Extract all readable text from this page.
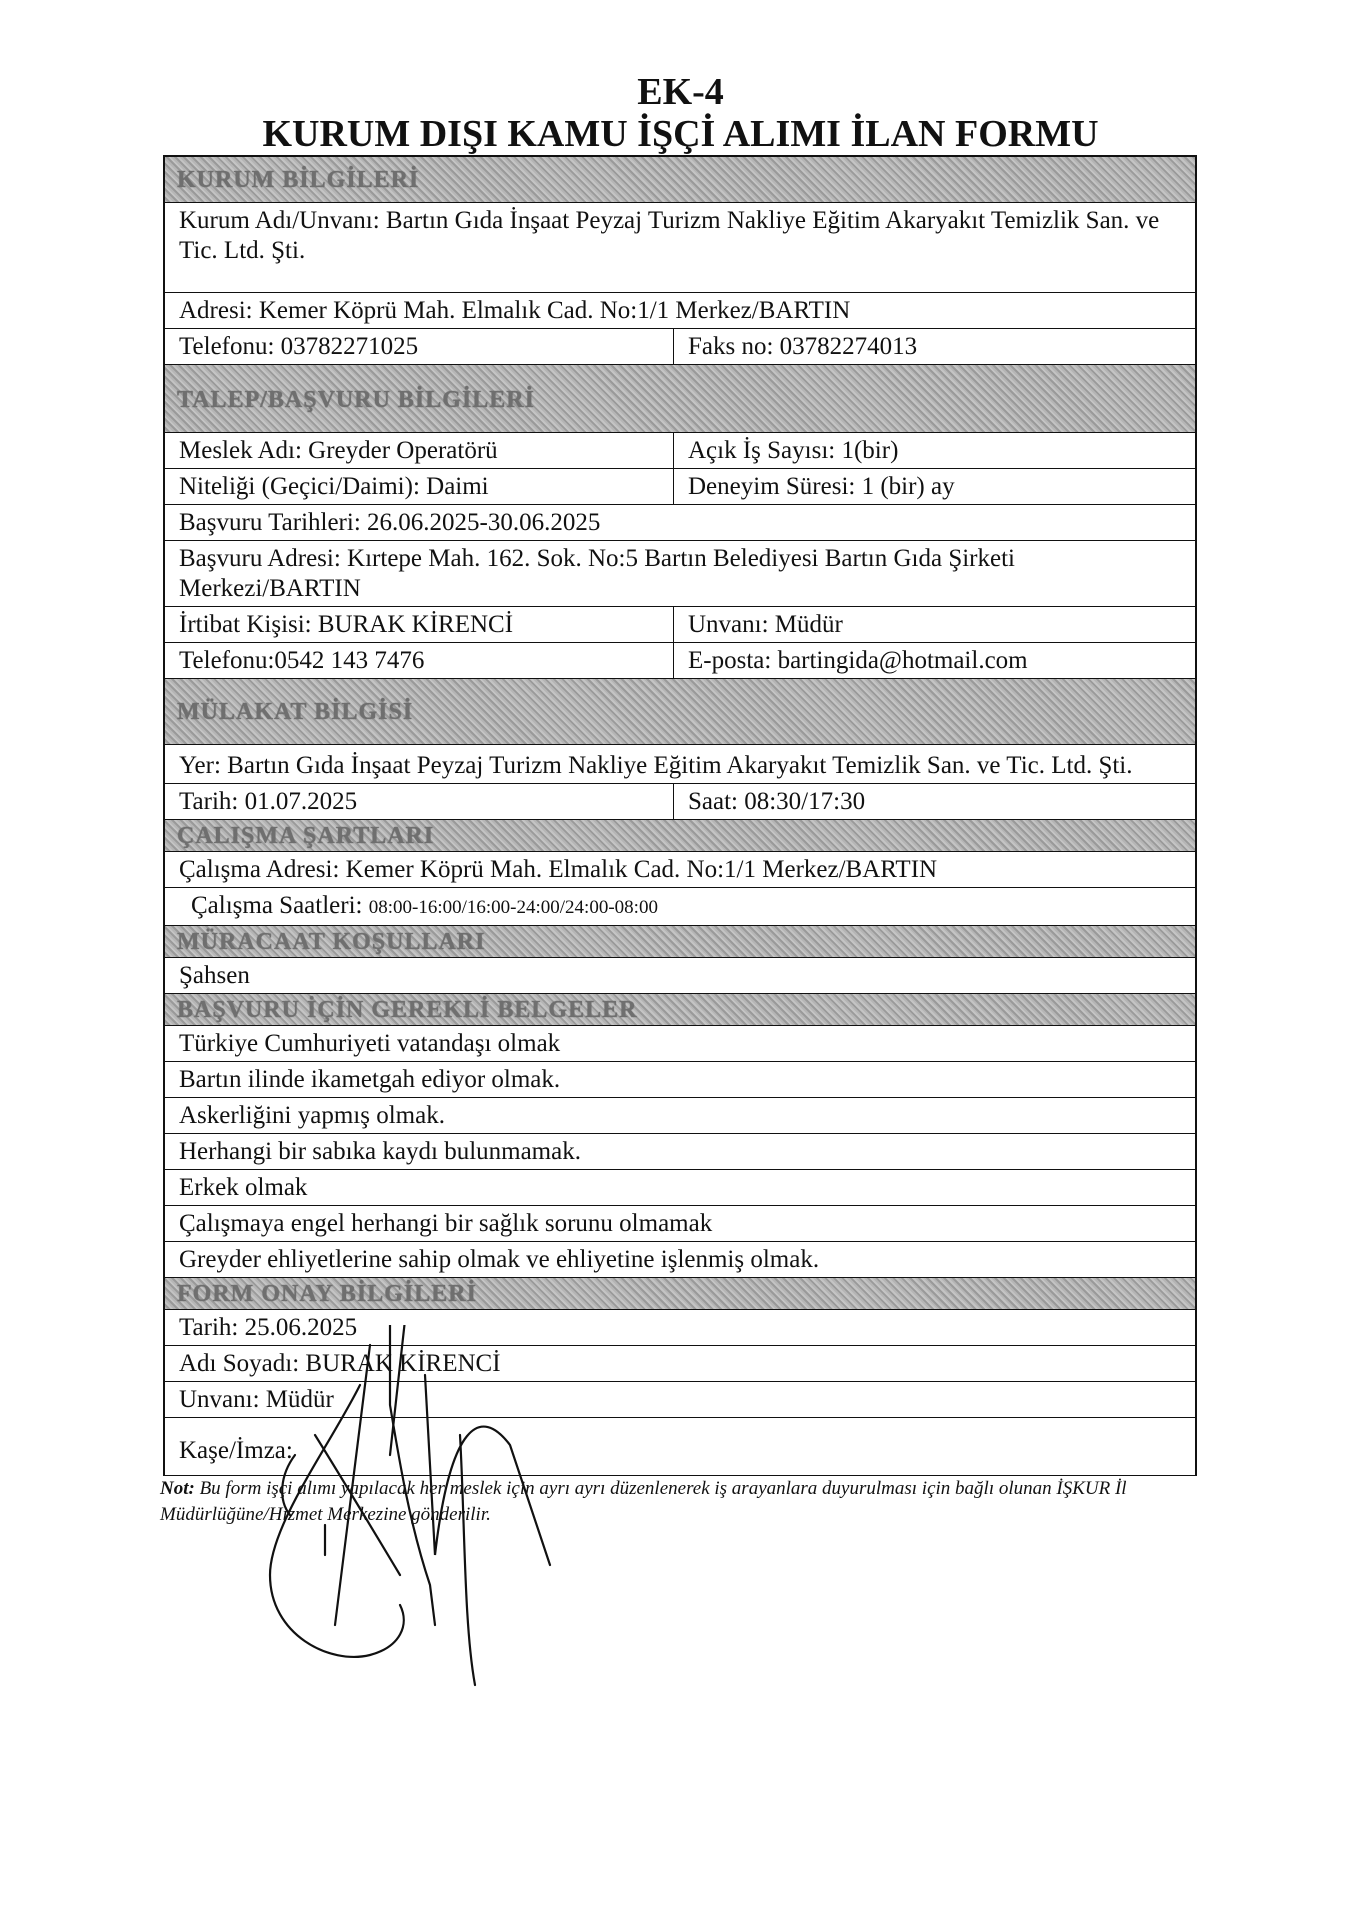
EK-4
KURUM DIŞI KAMU İŞÇİ ALIMI İLAN FORMU
KURUM BİLGİLERİ
Kurum Adı/Unvanı: Bartın Gıda İnşaat Peyzaj Turizm Nakliye Eğitim Akaryakıt Temizlik San. ve Tic. Ltd. Şti.
Adresi: Kemer Köprü Mah. Elmalık Cad. No:1/1 Merkez/BARTIN
Telefonu: 03782271025	Faks no: 03782274013
TALEP/BAŞVURU BİLGİLERİ
Meslek Adı: Greyder Operatörü	Açık İş Sayısı: 1(bir)
Niteliği (Geçici/Daimi): Daimi	Deneyim Süresi: 1 (bir) ay
Başvuru Tarihleri: 26.06.2025-30.06.2025
Başvuru Adresi: Kırtepe Mah. 162. Sok. No:5 Bartın Belediyesi Bartın Gıda Şirketi Merkezi/BARTIN
İrtibat Kişisi: BURAK KİRENCİ	Unvanı: Müdür
Telefonu:0542 143 7476	E-posta: bartingida@hotmail.com
MÜLAKAT BİLGİSİ
Yer: Bartın Gıda İnşaat Peyzaj Turizm Nakliye Eğitim Akaryakıt Temizlik San. ve Tic. Ltd. Şti.
Tarih: 01.07.2025	Saat: 08:30/17:30
ÇALIŞMA ŞARTLARI
Çalışma Adresi: Kemer Köprü Mah. Elmalık Cad. No:1/1 Merkez/BARTIN
Çalışma Saatleri: 08:00-16:00/16:00-24:00/24:00-08:00
MÜRACAAT KOŞULLARI
Şahsen
BAŞVURU İÇİN GEREKLİ BELGELER
Türkiye Cumhuriyeti vatandaşı olmak
Bartın ilinde ikametgah ediyor olmak.
Askerliğini yapmış olmak.
Herhangi bir sabıka kaydı bulunmamak.
Erkek olmak
Çalışmaya engel herhangi bir sağlık sorunu olmamak
Greyder ehliyetlerine sahip olmak ve ehliyetine işlenmiş olmak.
FORM ONAY BİLGİLERİ
Tarih: 25.06.2025
Adı Soyadı: BURAK KİRENCİ
Unvanı: Müdür
Kaşe/İmza:
Not: Bu form işçi alımı yapılacak her meslek için ayrı ayrı düzenlenerek iş arayanlara duyurulması için bağlı olunan İŞKUR İl Müdürlüğüne/Hizmet Merkezine gönderilir.
